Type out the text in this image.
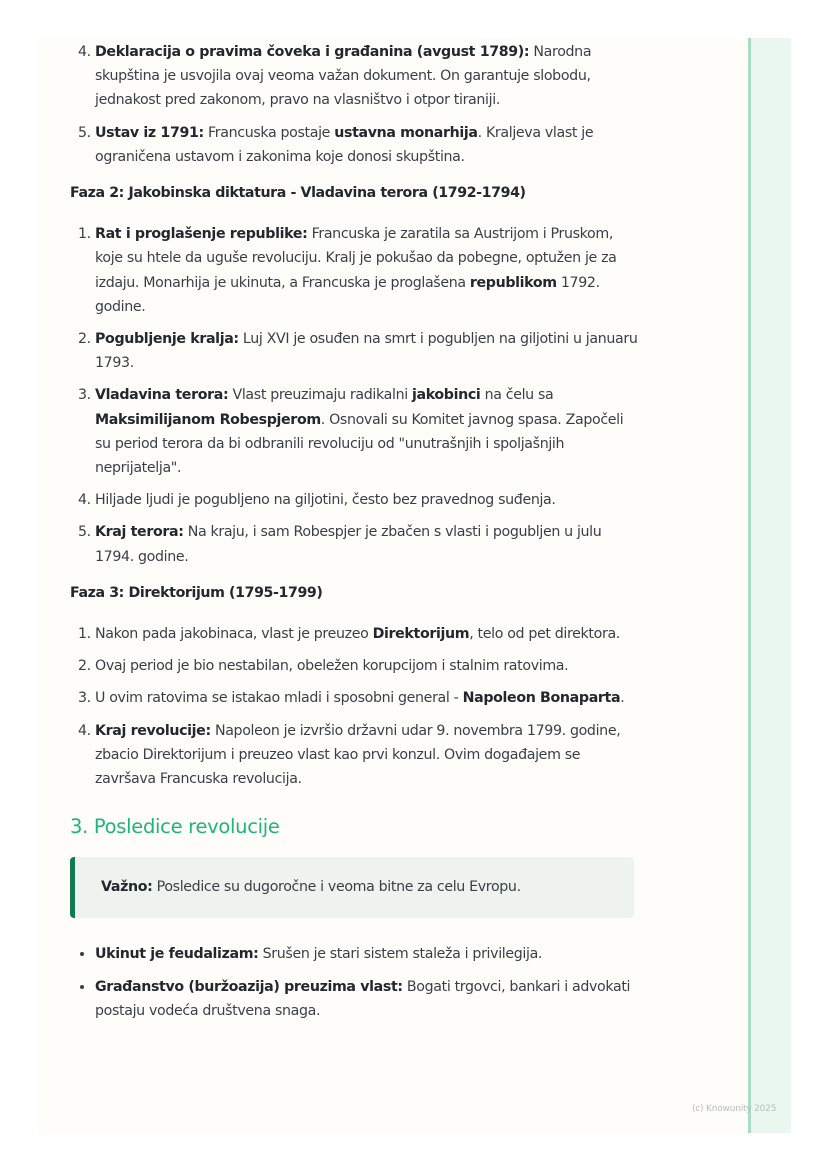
4. Deklaracija o pravima čoveka i građanina (avgust 1789): Narodna skupština je usvojila ovaj veoma važan dokument. On garantuje slobodu, jednakost pred zakonom, pravo na vlasništvo i otpor tiraniji.
5. Ustav iz 1791: Francuska postaje ustavna monarhija. Kraljeva vlast je ograničena ustavom i zakonima koje donosi skupština.
Faza 2: Jakobinska diktatura - Vladavina terora (1792-1794)
1. Rat i proglašenje republike: Francuska je zaratila sa Austrijom i Pruskom, koje su htele da uguše revoluciju. Kralj je pokušao da pobegne, optužen je za izdaju. Monarhija je ukinuta, a Francuska je proglašena republikom 1792. godine.
2. Pogubljenje kralja: Luj XVI je osuđen na smrt i pogubljen na giljotini u januaru 1793.
3. Vladavina terora: Vlast preuzimaju radikalni jakobinci na čelu sa Maksimilijanom Robespjerom. Osnovali su Komitet javnog spasa. Započeli su period terora da bi odbranili revoluciju od "unutrašnjih i spoljašnjih neprijatelja".
4. Hiljade ljudi je pogubljeno na giljotini, često bez pravednog suđenja.
5. Kraj terora: Na kraju, i sam Robespjer je zbačen s vlasti i pogubljen u julu 1794. godine.
Faza 3: Direktorijum (1795-1799)
1. Nakon pada jakobinaca, vlast je preuzeo Direktorijum, telo od pet direktora.
2. Ovaj period je bio nestabilan, obeležen korupcijom i stalnim ratovima.
3. U ovim ratovima se istakao mladi i sposobni general - Napoleon Bonaparta.
4. Kraj revolucije: Napoleon je izvršio državni udar 9. novembra 1799. godine, zbacio Direktorijum i preuzeo vlast kao prvi konzul. Ovim događajem se završava Francuska revolucija.
3. Posledice revolucije
Važno: Posledice su dugoročne i veoma bitne za celu Evropu.
• Ukinut je feudalizam: Srušen je stari sistem staleža i privilegija.
• Građanstvo (buržoazija) preuzima vlast: Bogati trgovci, bankari i advokati postaju vodeća društvena snaga.
(c) Knowunity 2025
